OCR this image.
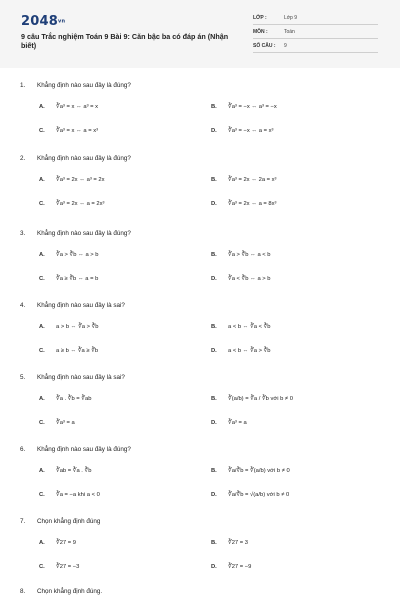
2048vn
9 câu Trắc nghiệm Toán 9 Bài 9: Căn bậc ba có đáp án (Nhận biết)
LỚP :	Lớp 9
MÔN :	Toán
SỐ CÂU : 9
1. Khẳng định nào sau đây là đúng?
A. ∛a³ = x ⇔ a³ = x	B. ∛a³ = −x ⇔ a³ = −x
C. ∛a³ = x ⇔ a = x³	D. ∛a³ = −x ⇔ a = x³
2. Khẳng định nào sau đây là đúng?
A. ∛a³ = 2x ⇔ a³ = 2x	B. ∛a³ = 2x ⇔ 2a = x³
C. ∛a³ = 2x ⇔ a = 2x³	D. ∛a³ = 2x ⇔ a = 8x³
3. Khẳng định nào sau đây là đúng?
A. ∛a > ∛b ⇔ a > b	B. ∛a > ∛b ⇔ a < b
C. ∛a ≥ ∛b ⇔ a = b	D. ∛a < ∛b ⇔ a > b
4. Khẳng định nào sau đây là sai?
A. a > b ⇔ ∛a > ∛b	B. a < b ⇔ ∛a < ∛b
C. a ≥ b ⇔ ∛a ≥ ∛b	D. a < b ⇔ ∛a > ∛b
5. Khẳng định nào sau đây là sai?
A. ∛a . ∛b = ∛ab	B. ∛(a/b) = ∛a / ∛b với b ≠ 0
C. ∛a³ = a	D. ∛a³ = a
6. Khẳng định nào sau đây là đúng?
A. ∛ab = ∛a . ∛b	B. ∛a/∛b = ∛(a/b) với b ≠ 0
C. ∛a = −a khi a < 0	D. ∛a/∛b = √(a/b) với b ≠ 0
7. Chọn khẳng định đúng
A. ∛27 = 9	B. ∛27 = 3
C. ∛27 = −3	D. ∛27 = −9
8. Chọn khẳng định đúng.
